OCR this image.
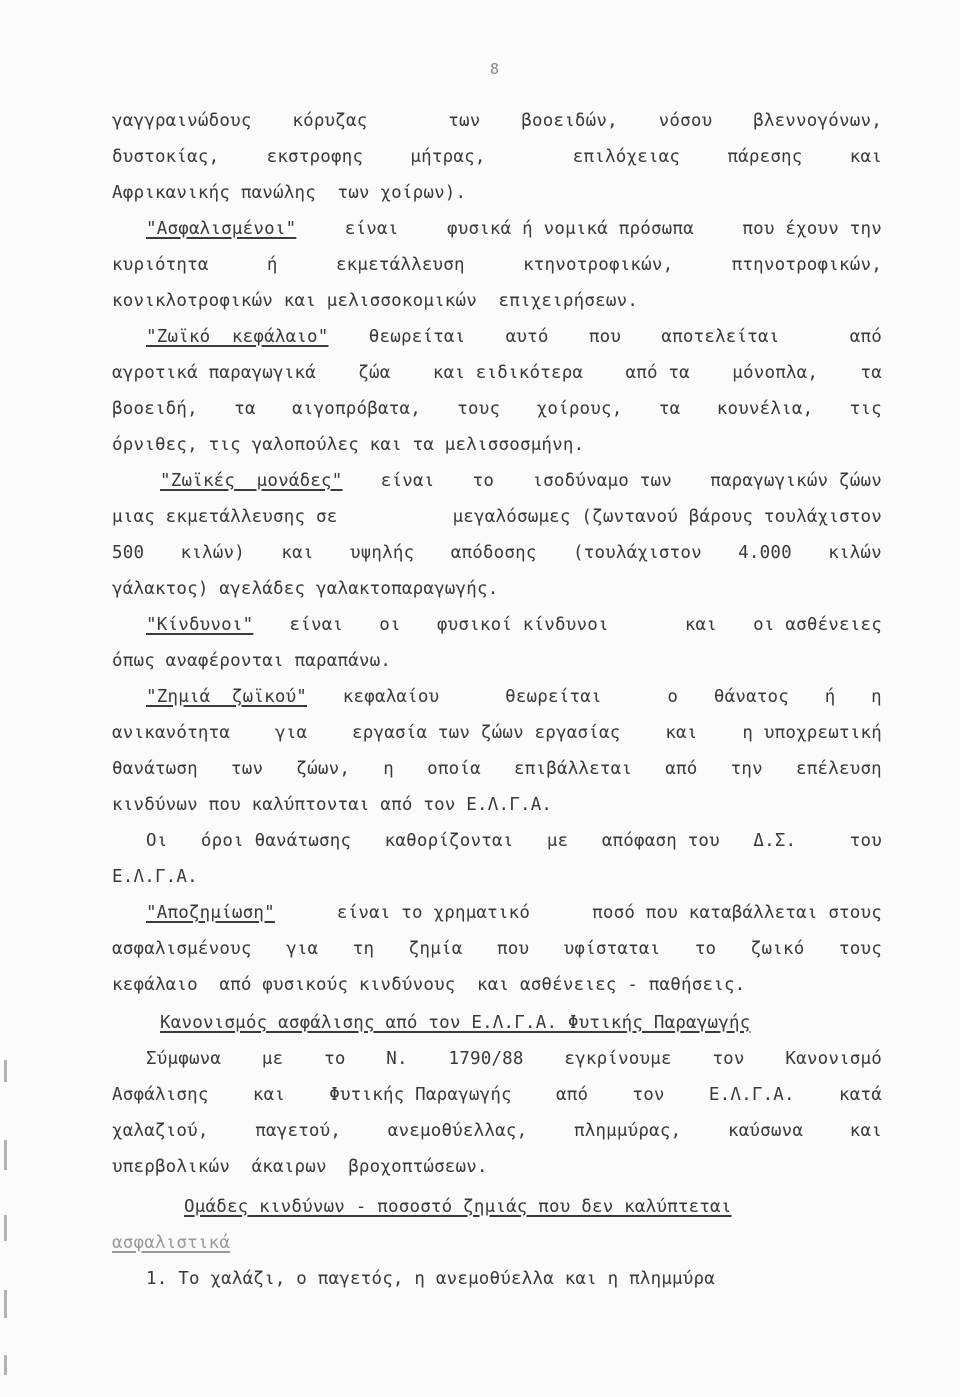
8
γαγγραινώδους κόρυζας	των βοοειδών, νόσου βλεννογόνων,
δυστοκίας,	εκστροφης	μήτρας,	επιλόχειας	πάρεσης	και
Αφρικανικής πανώλης  των χοίρων).
"Ασφαλισμένοι"	είναι	φυσικά ή νομικά πρόσωπα	που έχουν την
κυριότητα	ή	εκμετάλλευση	κτηνοτροφικών,	πτηνοτροφικών,
κονικλοτροφικών και μελισσοκομικών  επιχειρήσεων.
"Ζωϊκό  κεφάλαιο" θεωρείται αυτό που αποτελείται	από
αγροτικά παραγωγικά ζώα και ειδικότερα από τα μόνοπλα, τα
βοοειδή, τα αιγοπρόβατα, τους χοίρους, τα κουνέλια, τις
όρνιθες, τις γαλοπούλες και τα μελισσοσμήνη.
"Ζωϊκές  μονάδες" είναι το ισοδύναμο των παραγωγικών ζώων
μιας εκμετάλλευσης σε	μεγαλόσωμες (ζωντανού βάρους τουλάχιστον
500 κιλών) και υψηλής απόδοσης (τουλάχιστον 4.000 κιλών
γάλακτος) αγελάδες γαλακτοπαραγωγής.
"Κίνδυνοι" είναι οι φυσικοί κίνδυνοι	και οι ασθένειες
όπως αναφέρονται παραπάνω.
"Ζημιά  ζωϊκού" κεφαλαίου	θεωρείται	ο θάνατος ή η
ανικανότητα	για	εργασία των ζώων εργασίας	και	η υποχρεωτική
θανάτωση των ζώων, η οποία επιβάλλεται από την επέλευση
κινδύνων που καλύπτονται από τον Ε.Λ.Γ.Α.
Οι όροι θανάτωσης καθορίζονται με απόφαση του Δ.Σ.	του
Ε.Λ.Γ.Α.
"Αποζημίωση"	είναι το χρηματικό	ποσό που καταβάλλεται στους
ασφαλισμένους για τη ζημία που υφίσταται το ζωικό τους
κεφάλαιο  από φυσικούς κινδύνους  και ασθένειες - παθήσεις.
Κανονισμός ασφάλισης από τον Ε.Λ.Γ.Α. Φυτικής Παραγωγής
Σύμφωνα με το Ν. 1790/88 εγκρίνουμε τον Κανονισμό
Ασφάλισης	και	Φυτικής Παραγωγής	από	τον	Ε.Λ.Γ.Α.	κατά
χαλαζιού,	παγετού,	ανεμοθύελλας,	πλημμύρας,	καύσωνα	και
υπερβολικών  άκαιρων  βροχοπτώσεων.
Ομάδες κινδύνων - ποσοστό ζημιάς που δεν καλύπτεται
ασφαλιστικά
1. Το χαλάζι, ο παγετός, η ανεμοθύελλα και η πλημμύρα
